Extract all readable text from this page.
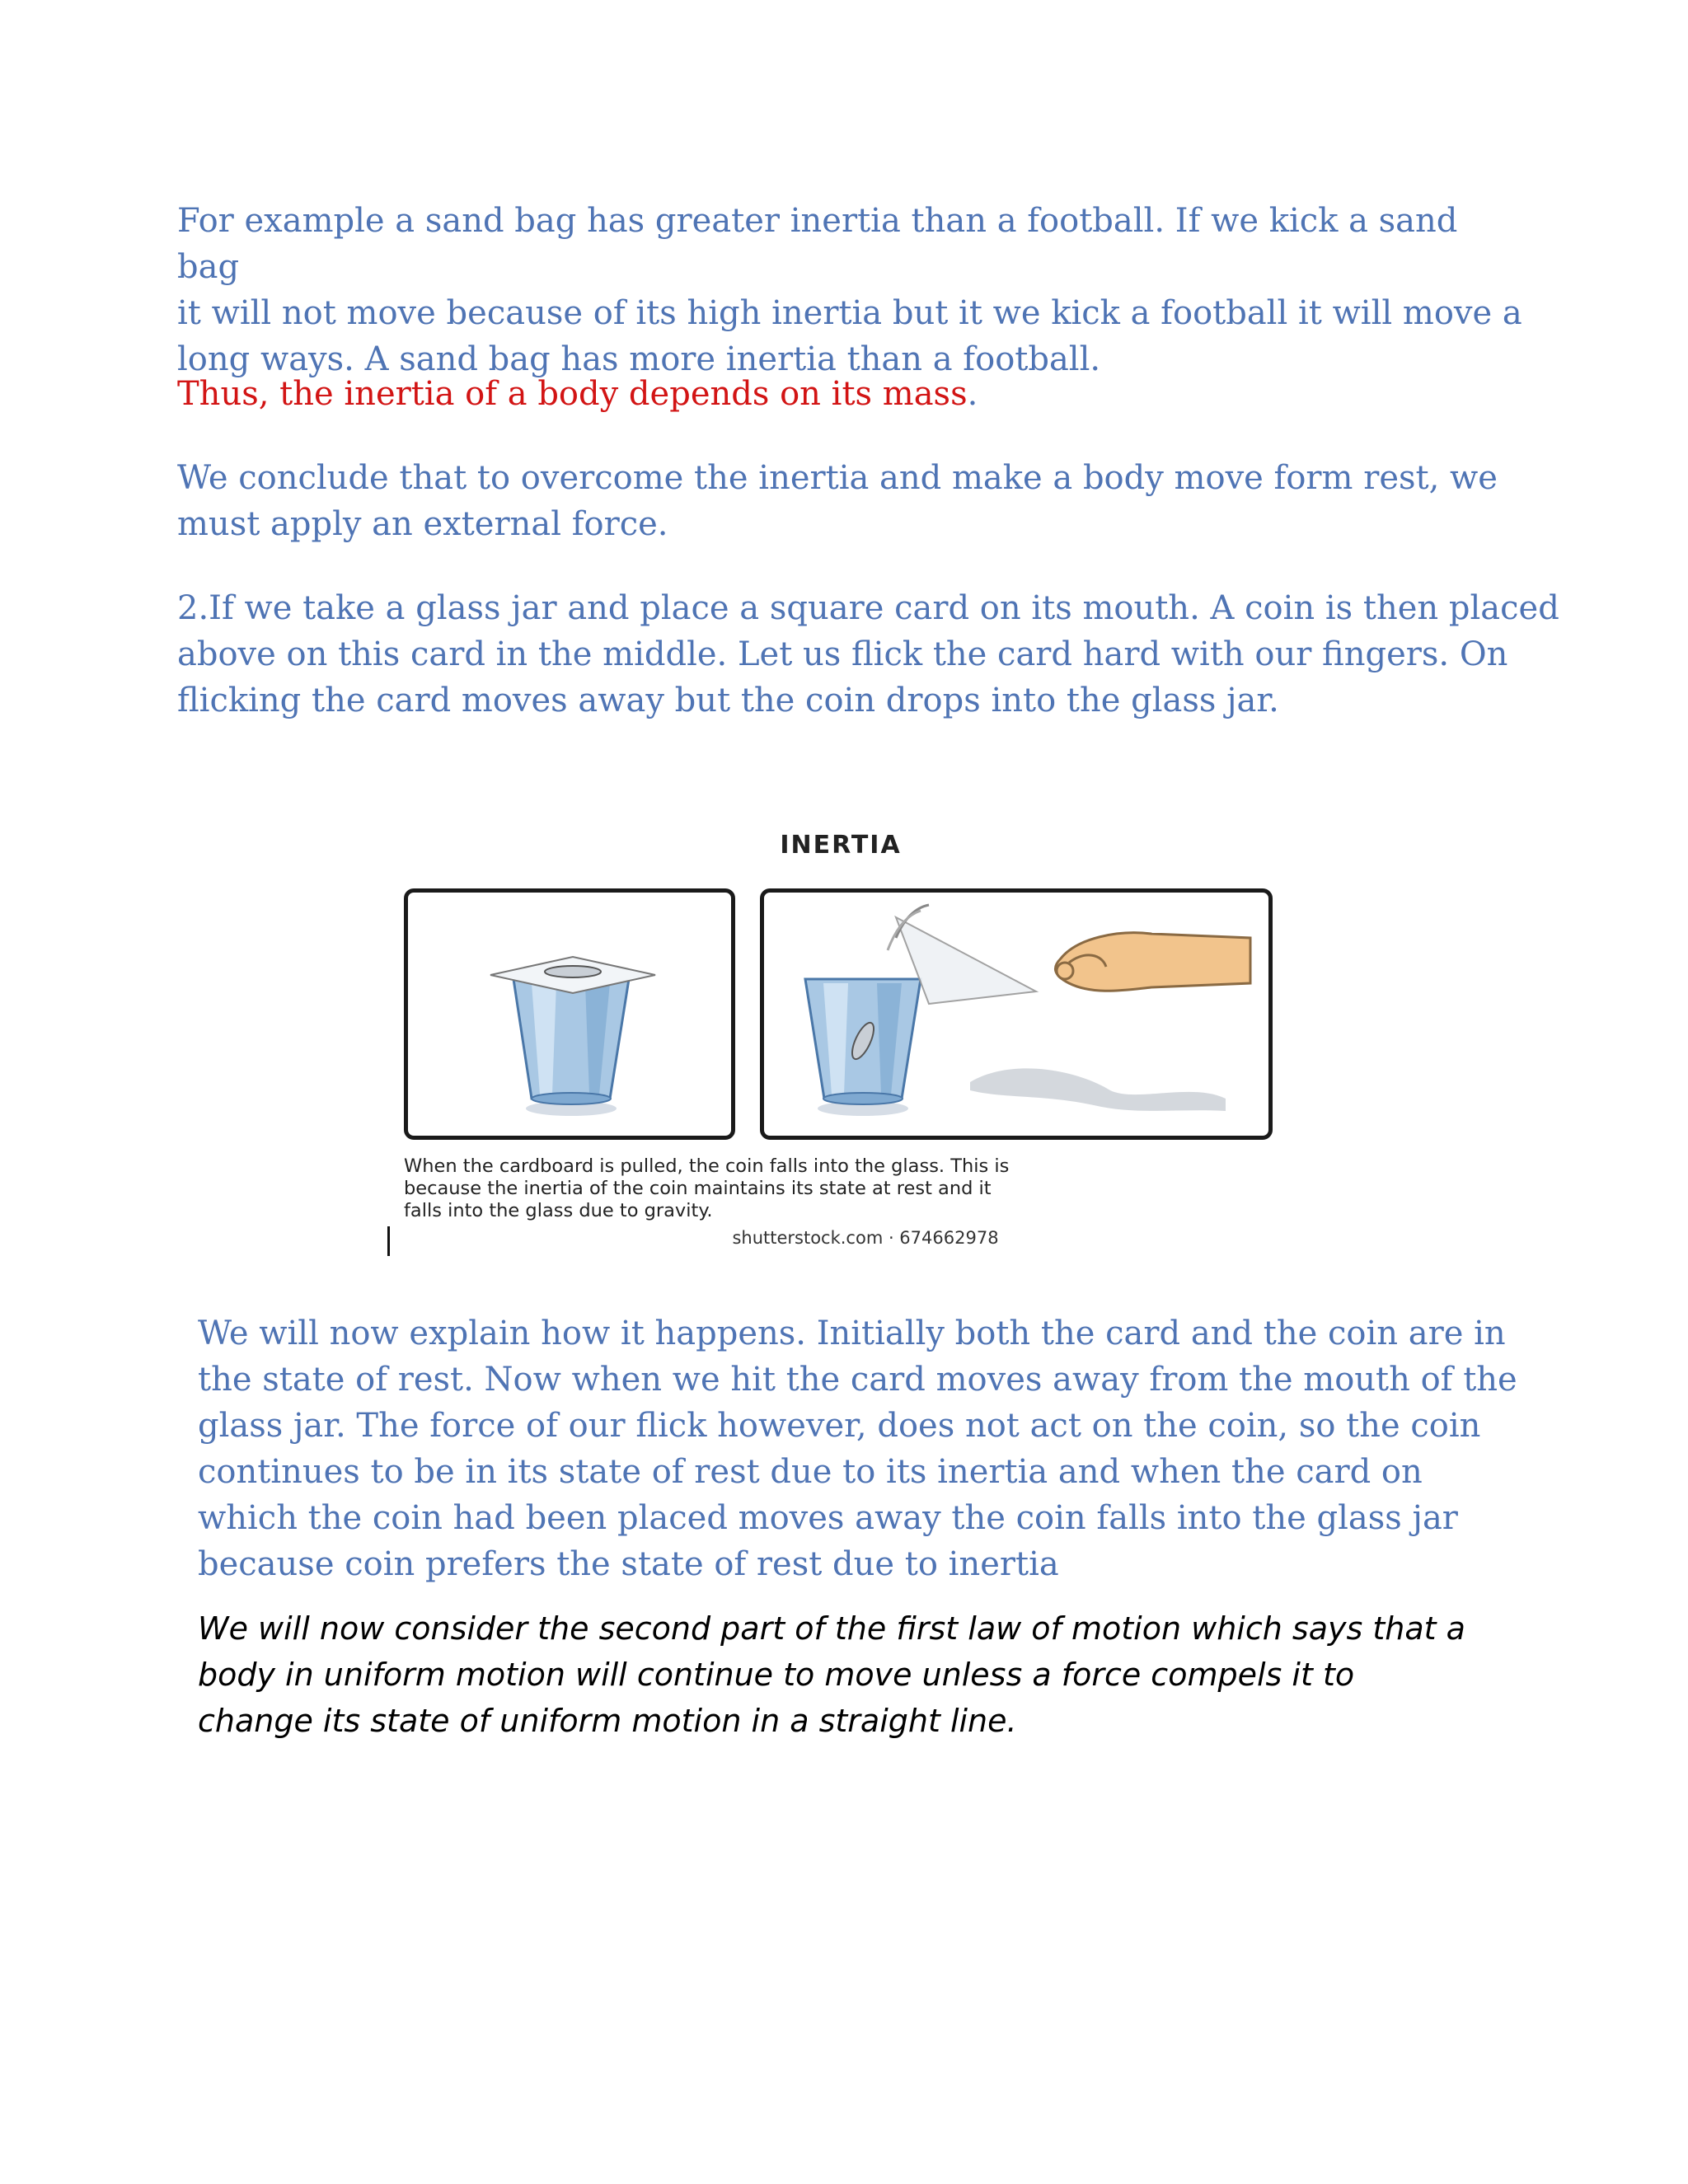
For example a sand bag has greater inertia than a football. If we kick a sand bag
it will not move because of its high inertia but it we kick a football it will move a
long ways. A sand bag has more inertia than a football.

Thus, the inertia of a body depends on its mass.

We conclude that to overcome the inertia and make a body move form rest, we
must apply an external force.

2.If we take a glass jar and place a square card on its mouth. A coin is then placed
above on this card in the middle. Let us flick the card hard with our fingers. On
flicking the card moves away but the coin drops into the glass jar.

INERTIA
When the cardboard is pulled, the coin falls into the glass. This is
because the inertia of the coin maintains its state at rest and it
falls into the glass due to gravity.
shutterstock.com · 674662978

We will now explain how it happens. Initially both the card and the coin are in
the state of rest. Now when we hit the card moves away from the mouth of the
glass jar. The force of our flick however, does not act on the coin, so the coin
continues to be in its state of rest due to its inertia and when the card on
which the coin had been placed moves away the coin falls into the glass jar
because coin prefers the state of rest due to inertia

We will now consider the second part of the first law of motion which says that a
body in uniform motion will continue to move unless a force compels it to
change its state of uniform motion in a straight line.
